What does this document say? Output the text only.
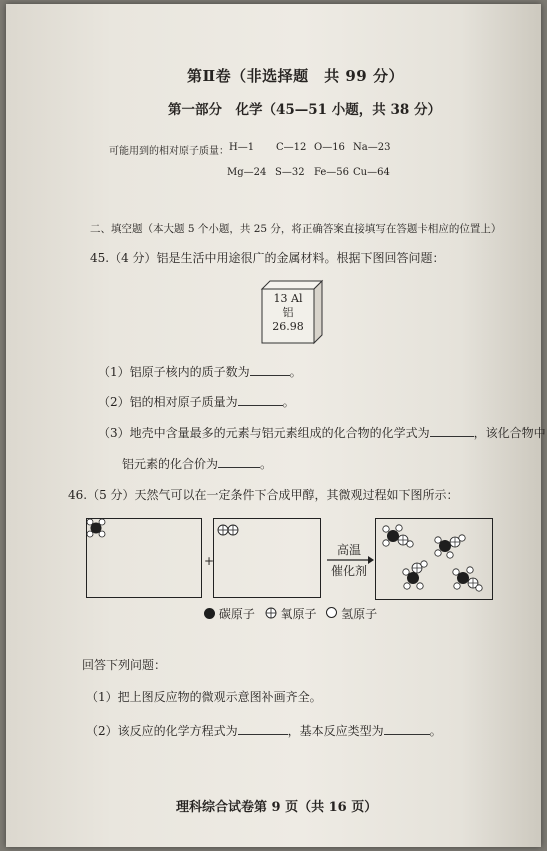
第Ⅱ卷（非选择题　共 99 分）
第一部分　化学（45—51 小题，共 38 分）
可能用到的相对原子质量： H—1 C—12 O—16 Na—23
Mg—24 S—32 Fe—56 Cu—64
二、填空题（本大题 5 个小题，共 25 分，将正确答案直接填写在答题卡相应的位置上）
45.（4 分）铝是生活中用途很广的金属材料。根据下图回答问题：
13 Al
铝
26.98
（1）铝原子核内的质子数为	。
（2）铝的相对原子质量为	。
（3）地壳中含量最多的元素与铝元素组成的化合物的化学式为	，该化合物中
铝元素的化合价为	。
46.（5 分）天然气可以在一定条件下合成甲醇，其微观过程如下图所示：
+
高温
催化剂
碳原子 氧原子 氢原子
回答下列问题：
（1）把上图反应物的微观示意图补画齐全。
（2）该反应的化学方程式为	，基本反应类型为	。
理科综合试卷第 9 页（共 16 页）
